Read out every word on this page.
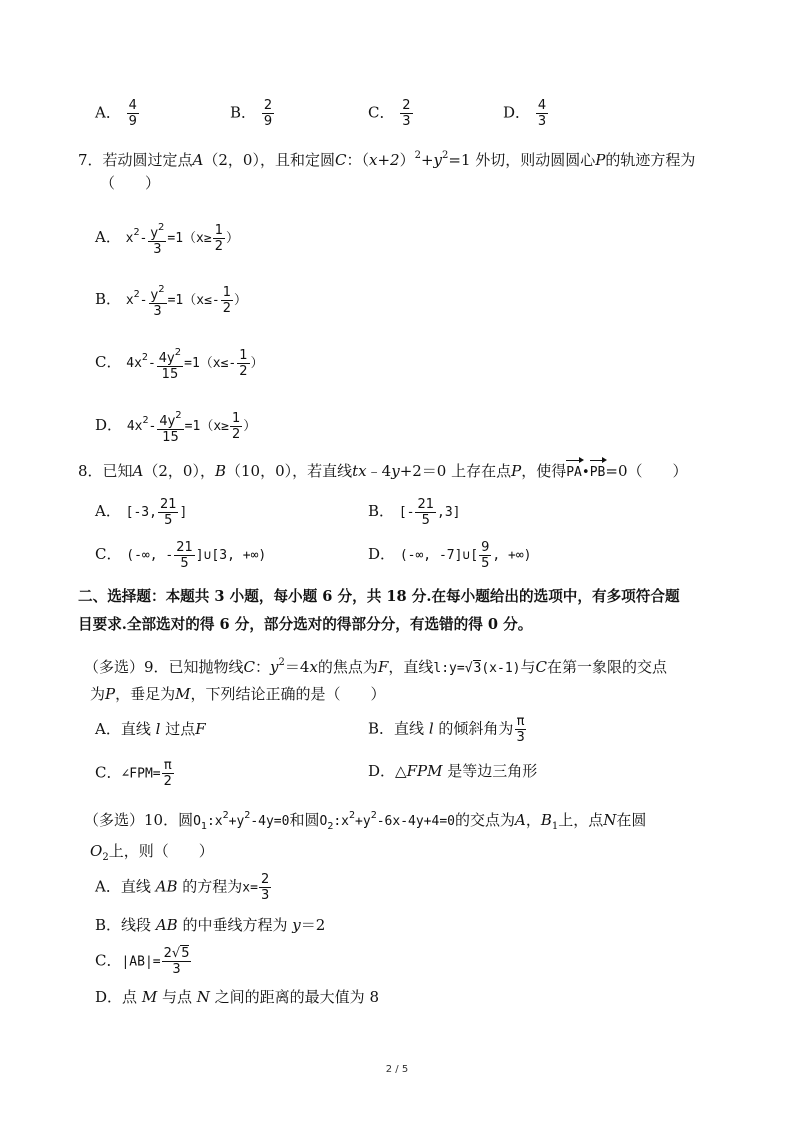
A． $\frac{4}{9}$	B． $\frac{2}{9}$	C． $\frac{2}{3}$	D． $\frac{4}{3}$
7．若动圆过定点A（2，0），且和定圆C：$(x+2)^2+y^2=1$ 外切，则动圆圆心P的轨迹方程为
（　　）
A． $x^2- \frac{y^2}{3} =1(x\ge \frac{1}{2}$ ）
B． $x^2- \frac{y^2}{3} =1(x\le- \frac{1}{2}$ ）
C． $4x^2- \frac{4y^2}{15} =1(x\le- \frac{1}{2}$ ）
D． $4x^2- \frac{4y^2}{15} =1(x\ge \frac{1}{2}$ ）
8．已知A（2，0），B（10，0），若直线tx﹣4y+2＝0 上存在点P，使得PA•PB=0（　　）
A． [-3, $\frac{21}{5}$ ]	B． [- $\frac{21}{5} ,3$]
C． (-∞, - $\frac{21}{5}$ ]∪[3, +∞)	D． (-∞, -7]∪[ $\frac{9}{5}$ , +∞)
二、选择题：本题共 3 小题，每小题 6 分，共 18 分.在每小题给出的选项中，有多项符合题
目要求.全部选对的得 6 分，部分选对的得部分分，有选错的得 0 分。
（多选）9．已知抛物线C：$y^2=4x$的焦点为F，直线l:y=√3(x-1)与C在第一象限的交点
为P，垂足为M，下列结论正确的是（　　）
A．直线 l 过点F	B．直线 l 的倾斜角为 $\frac{\pi}{3}$
C．∠FPM= $\frac{\pi}{2}$	D．△FPM 是等边三角形
（多选）10．圆$O_1:x^2+y^2-4y=0$和圆$O_2:x^2+y^2-6x-4y+4=0$的交点为A，$B_1$上，点N在圆
$O_2$上，则（　　）
A．直线 AB 的方程为$x= \frac{2}{3}$
B．线段 AB 的中垂线方程为 y＝2
C．$|AB|= \frac{2√5}{3}$
D．点 M 与点 N 之间的距离的最大值为 8
2 / 5
